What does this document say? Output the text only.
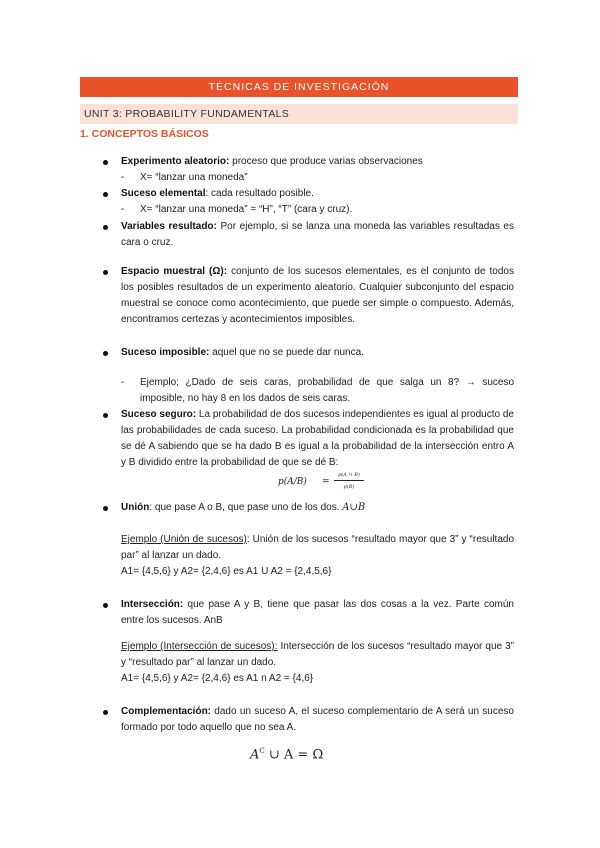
TÉCNICAS DE INVESTIGACIÓN
UNIT 3: PROBABILITY FUNDAMENTALS
1. CONCEPTOS BÁSICOS
Experimento aleatorio: proceso que produce varias observaciones
- X= “lanzar una moneda”
Suceso elemental: cada resultado posible.
- X= “lanzar una moneda” = “H”, “T” (cara y cruz).
Variables resultado: Por ejemplo, si se lanza una moneda las variables resultadas es cara o cruz.
Espacio muestral (Ω): conjunto de los sucesos elementales, es el conjunto de todos los posibles resultados de un experimento aleatorio. Cualquier subconjunto del espacio muestral se conoce como acontecimiento, que puede ser simple o compuesto. Además, encontramos certezas y acontecimientos imposibles.
Suceso imposible: aquel que no se puede dar nunca.
- Ejemplo; ¿Dado de seis caras, probabilidad de que salga un 8? → suceso imposible, no hay 8 en los dados de seis caras.
Suceso seguro: La probabilidad de dos sucesos independientes es igual al producto de las probabilidades de cada suceso. La probabilidad condicionada es la probabilidad que se dé A sabiendo que se ha dado B es igual a la probabilidad de la intersección entro A y B dividido entre la probabilidad de que se dé B:
p(A/B) =
p(A ∩ B)
p(B)
Unión: que pase A o B, que pase uno de los dos. A∪B
Ejemplo (Unión de sucesos): Unión de los sucesos “resultado mayor que 3” y “resultado par” al lanzar un dado.
A1= {4,5,6} y A2= {2,4,6} es A1 U A2 = {2,4,5,6}
Intersección: que pase A y B, tiene que pasar las dos cosas a la vez. Parte común entre los sucesos. AnB
Ejemplo (Intersección de sucesos): Intersección de los sucesos “resultado mayor que 3” y “resultado par” al lanzar un dado.
A1= {4,5,6} y A2= {2,4,6} es A1 n A2 = {4,6}
Complementación: dado un suceso A, el suceso complementario de A será un suceso formado por todo aquello que no sea A.
$A^C$ ∪ A = Ω
